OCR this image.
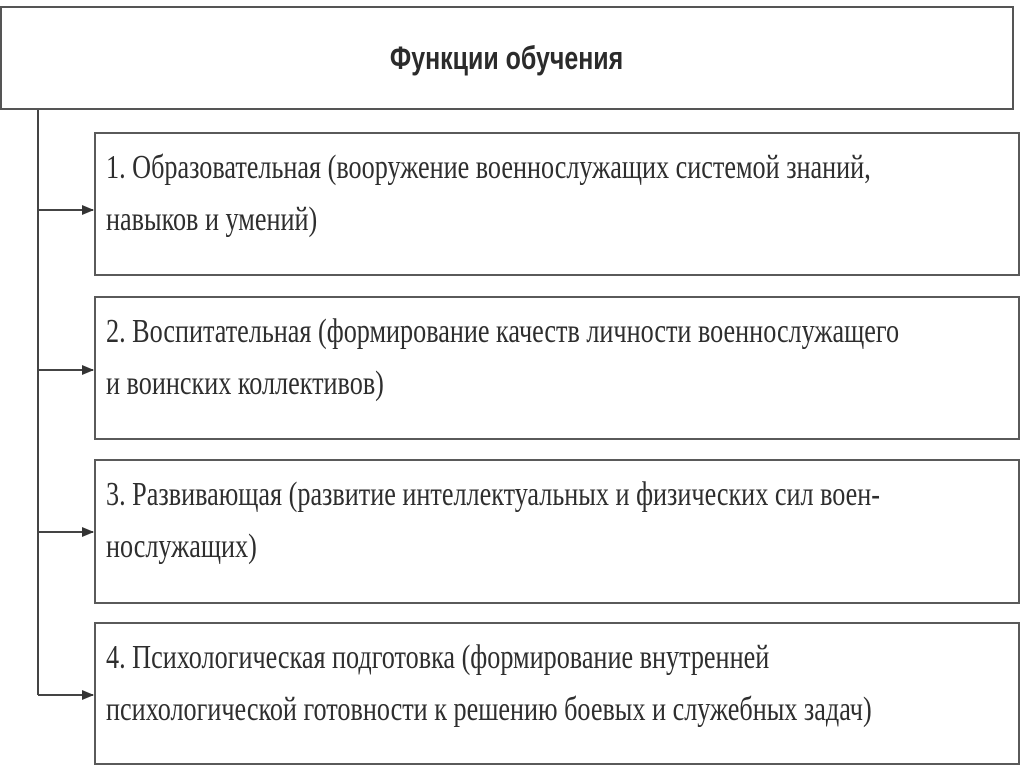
Функции обучения
1. Образовательная (вооружение военнослужащих системой знаний,
навыков и умений)
2. Воспитательная (формирование качеств личности военнослужащего
и воинских коллективов)
3. Развивающая (развитие интеллектуальных и физических сил воен-
нослужащих)
4. Психологическая подготовка (формирование внутренней
психологической готовности к решению боевых и служебных задач)
